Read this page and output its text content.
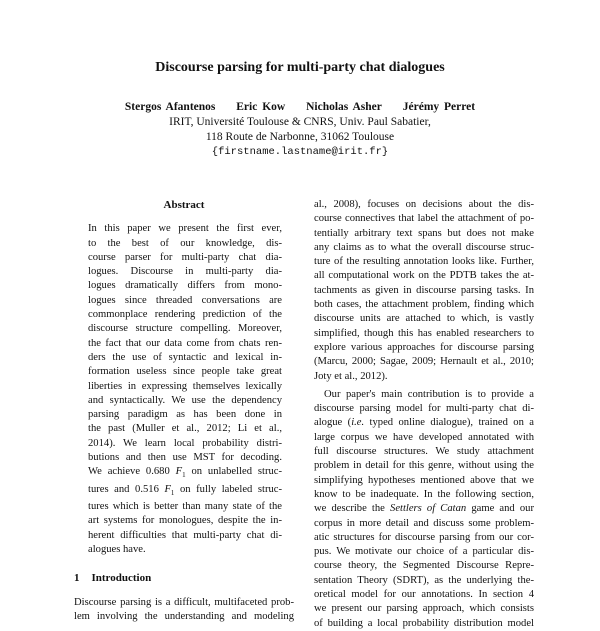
Discourse parsing for multi-party chat dialogues
Stergos Afantenos Eric Kow Nicholas Asher Jérémy Perret
IRIT, Université Toulouse & CNRS, Univ. Paul Sabatier,
118 Route de Narbonne, 31062 Toulouse
{firstname.lastname@irit.fr}
Abstract
In this paper we present the first ever,
to the best of our knowledge, dis-
course parser for multi-party chat dia-
logues. Discourse in multi-party dia-
logues dramatically differs from mono-
logues since threaded conversations are
commonplace rendering prediction of the
discourse structure compelling. Moreover,
the fact that our data come from chats ren-
ders the use of syntactic and lexical in-
formation useless since people take great
liberties in expressing themselves lexically
and syntactically. We use the dependency
parsing paradigm as has been done in
the past (Muller et al., 2012; Li et al.,
2014). We learn local probability distri-
butions and then use MST for decoding.
We achieve 0.680 $F_1$ on unlabelled struc-
tures and 0.516 $F_1$ on fully labeled struc-
tures which is better than many state of the
art systems for monologues, despite the in-
herent difficulties that multi-party chat di-
alogues have.
1 Introduction
Discourse parsing is a difficult, multifaceted prob-
lem involving the understanding and modeling
al., 2008), focuses on decisions about the dis-
course connectives that label the attachment of po-
tentially arbitrary text spans but does not make
any claims as to what the overall discourse struc-
ture of the resulting annotation looks like. Further,
all computational work on the PDTB takes the at-
tachments as given in discourse parsing tasks. In
both cases, the attachment problem, finding which
discourse units are attached to which, is vastly
simplified, though this has enabled researchers to
explore various approaches for discourse parsing
(Marcu, 2000; Sagae, 2009; Hernault et al., 2010;
Joty et al., 2012).
Our paper's main contribution is to provide a
discourse parsing model for multi-party chat di-
alogue (i.e. typed online dialogue), trained on a
large corpus we have developed annotated with
full discourse structures. We study attachment
problem in detail for this genre, without using the
simplifying hypotheses mentioned above that we
know to be inadequate. In the following section,
we describe the Settlers of Catan game and our
corpus in more detail and discuss some problem-
atic structures for discourse parsing from our cor-
pus. We motivate our choice of a particular dis-
course theory, the Segmented Discourse Repre-
sentation Theory (SDRT), as the underlying the-
oretical model for our annotations. In section 4
we present our parsing approach, which consists
of building a local probability distribution model
